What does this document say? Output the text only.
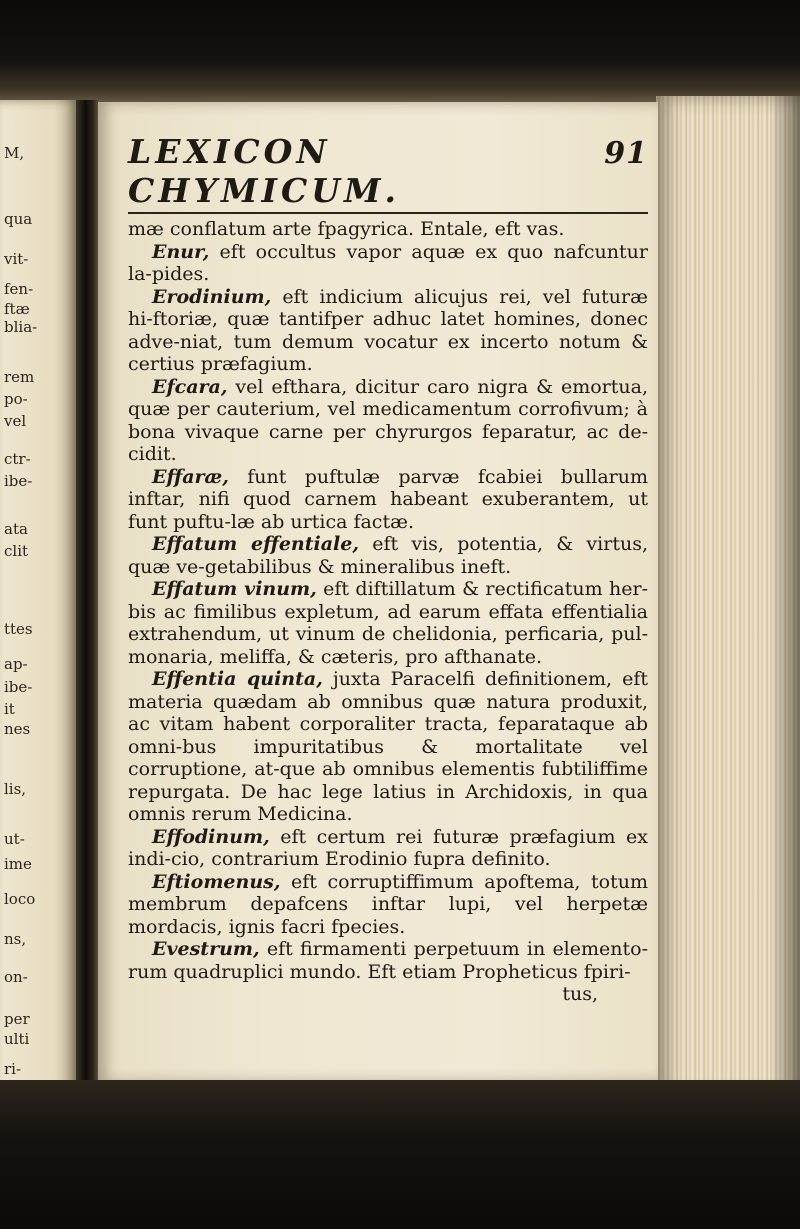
M,
qua
vit-
fen-
ftæ
blia-
rem
po-
vel
ctr-
ibe-
ata
clit
ttes
ap-
ibe-
it
nes
lis,
ut-
ime
loco
ns,
on-
per
ulti
ri-
LEXICON CHYMICUM.
91

mæ conflatum arte fpagyrica. Entale, eft vas.

Enur, eft occultus vapor aquæ ex quo nafcuntur la-pides.

Erodinium, eft indicium alicujus rei, vel futuræ hi-ftoriæ, quæ tantifper adhuc latet homines, donec adve-niat, tum demum vocatur ex incerto notum & certius præfagium.

Efcara, vel efthara, dicitur caro nigra & emortua, quæ per cauterium, vel medicamentum corrofivum; à bona vivaque carne per chyrurgos feparatur, ac de-cidit.

Effaræ, funt puftulæ parvæ fcabiei bullarum inftar, nifi quod carnem habeant exuberantem, ut funt puftu-læ ab urtica factæ.

Effatum effentiale, eft vis, potentia, & virtus, quæ ve-getabilibus & mineralibus ineft.

Effatum vinum, eft diftillatum & rectificatum her-bis ac fimilibus expletum, ad earum effata effentialia extrahendum, ut vinum de chelidonia, perficaria, pul-monaria, meliffa, & cæteris, pro afthanate.

Effentia quinta, juxta Paracelfi definitionem, eft materia quædam ab omnibus quæ natura produxit, ac vitam habent corporaliter tracta, feparataque ab omni-bus impuritatibus & mortalitate vel corruptione, at-que ab omnibus elementis fubtiliffime repurgata. De hac lege latius in Archidoxis, in qua omnis rerum Medicina.

Effodinum, eft certum rei futuræ præfagium ex indi-cio, contrarium Erodinio fupra definito.

Eftiomenus, eft corruptiffimum apoftema, totum membrum depafcens inftar lupi, vel herpetæ mordacis, ignis facri fpecies.

Evestrum, eft firmamenti perpetuum in elemento-rum quadruplici mundo. Eft etiam Propheticus fpiri-

tus,
